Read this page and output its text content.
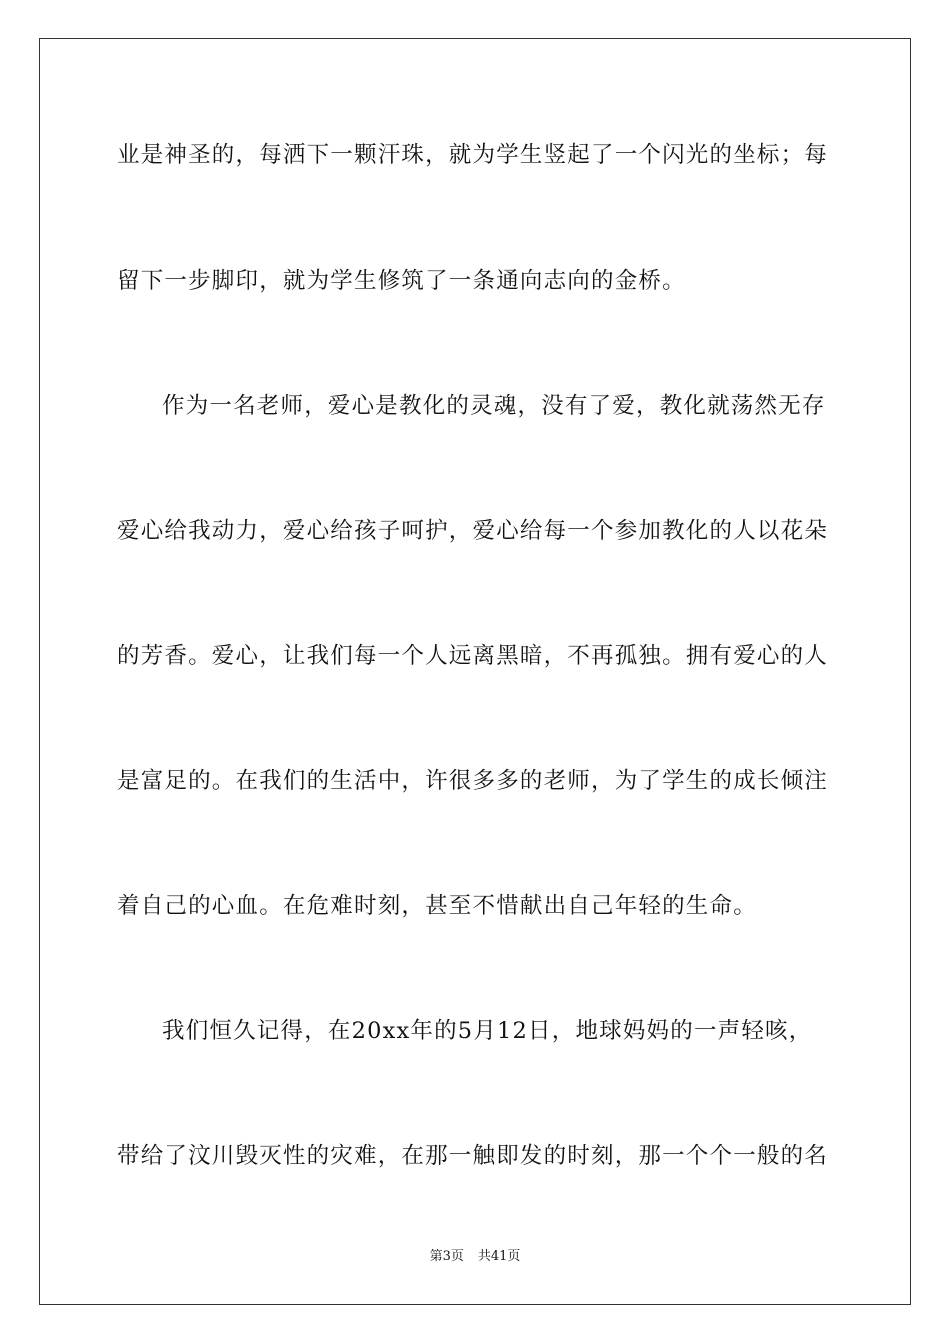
业是神圣的，每洒下一颗汗珠，就为学生竖起了一个闪光的坐标；每
留下一步脚印，就为学生修筑了一条通向志向的金桥。
作为一名老师，爱心是教化的灵魂，没有了爱，教化就荡然无存
爱心给我动力，爱心给孩子呵护，爱心给每一个参加教化的人以花朵
的芳香。爱心，让我们每一个人远离黑暗，不再孤独。拥有爱心的人
是富足的。在我们的生活中，许很多多的老师，为了学生的成长倾注
着自己的心血。在危难时刻，甚至不惜献出自己年轻的生命。
我们恒久记得，在20xx年的5月12日，地球妈妈的一声轻咳，
带给了汶川毁灭性的灾难，在那一触即发的时刻，那一个个一般的名
第3页 共41页
